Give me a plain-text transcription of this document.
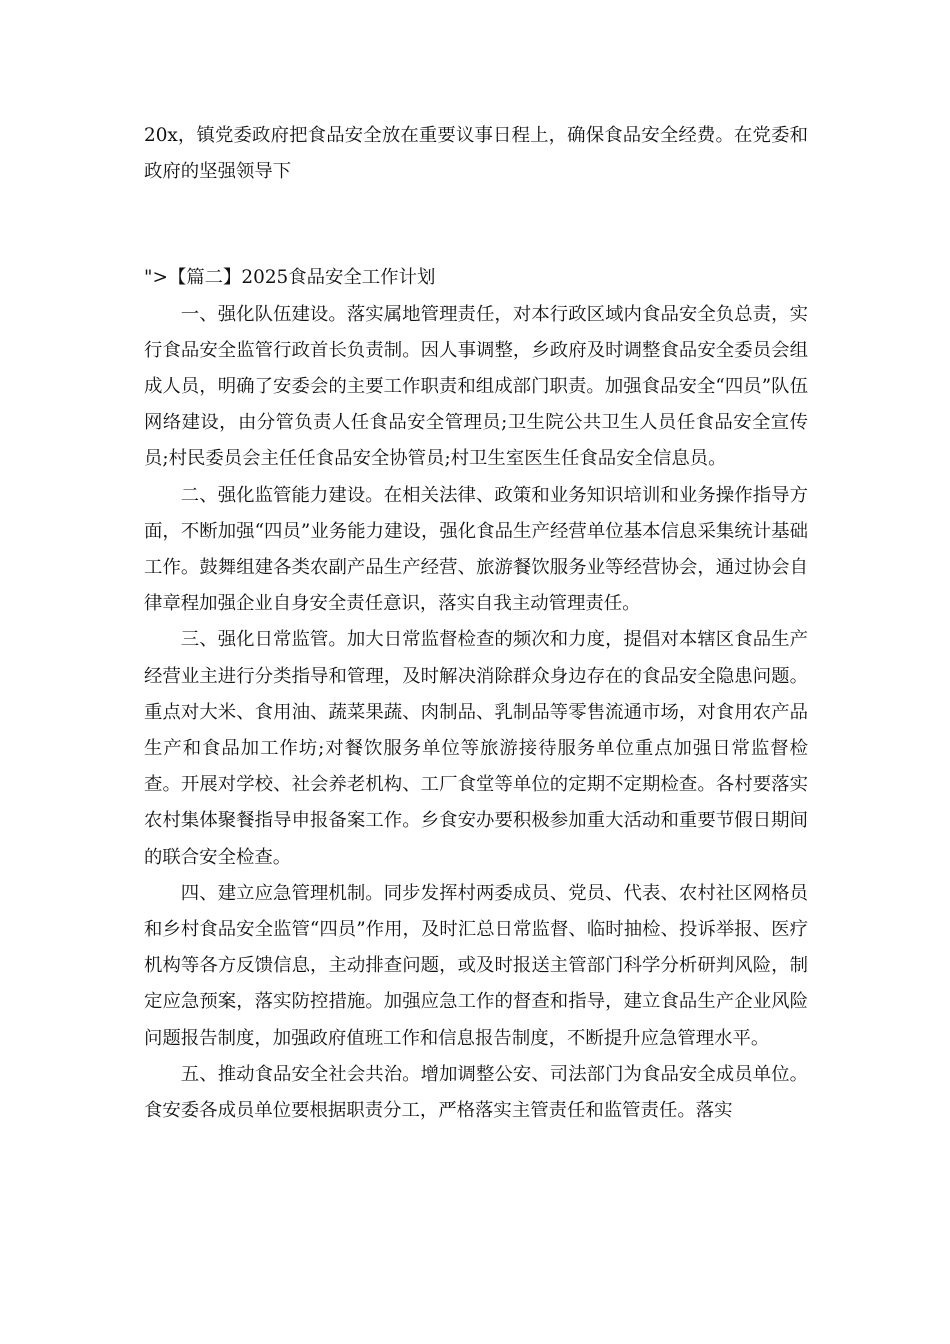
20x，镇党委政府把食品安全放在重要议事日程上，确保食品安全经费。在党委和政府的坚强领导下

">【篇二】2025食品安全工作计划

一、强化队伍建设。落实属地管理责任，对本行政区域内食品安全负总责，实行食品安全监管行政首长负责制。因人事调整，乡政府及时调整食品安全委员会组成人员，明确了安委会的主要工作职责和组成部门职责。加强食品安全“四员”队伍网络建设，由分管负责人任食品安全管理员;卫生院公共卫生人员任食品安全宣传员;村民委员会主任任食品安全协管员;村卫生室医生任食品安全信息员。

二、强化监管能力建设。在相关法律、政策和业务知识培训和业务操作指导方面，不断加强“四员”业务能力建设，强化食品生产经营单位基本信息采集统计基础工作。鼓舞组建各类农副产品生产经营、旅游餐饮服务业等经营协会，通过协会自律章程加强企业自身安全责任意识，落实自我主动管理责任。

三、强化日常监管。加大日常监督检查的频次和力度，提倡对本辖区食品生产经营业主进行分类指导和管理，及时解决消除群众身边存在的食品安全隐患问题。重点对大米、食用油、蔬菜果蔬、肉制品、乳制品等零售流通市场，对食用农产品生产和食品加工作坊;对餐饮服务单位等旅游接待服务单位重点加强日常监督检查。开展对学校、社会养老机构、工厂食堂等单位的定期不定期检查。各村要落实农村集体聚餐指导申报备案工作。乡食安办要积极参加重大活动和重要节假日期间的联合安全检查。

四、建立应急管理机制。同步发挥村两委成员、党员、代表、农村社区网格员和乡村食品安全监管“四员”作用，及时汇总日常监督、临时抽检、投诉举报、医疗机构等各方反馈信息，主动排查问题，或及时报送主管部门科学分析研判风险，制定应急预案，落实防控措施。加强应急工作的督查和指导，建立食品生产企业风险问题报告制度，加强政府值班工作和信息报告制度，不断提升应急管理水平。

五、推动食品安全社会共治。增加调整公安、司法部门为食品安全成员单位。食安委各成员单位要根据职责分工，严格落实主管责任和监管责任。落实
